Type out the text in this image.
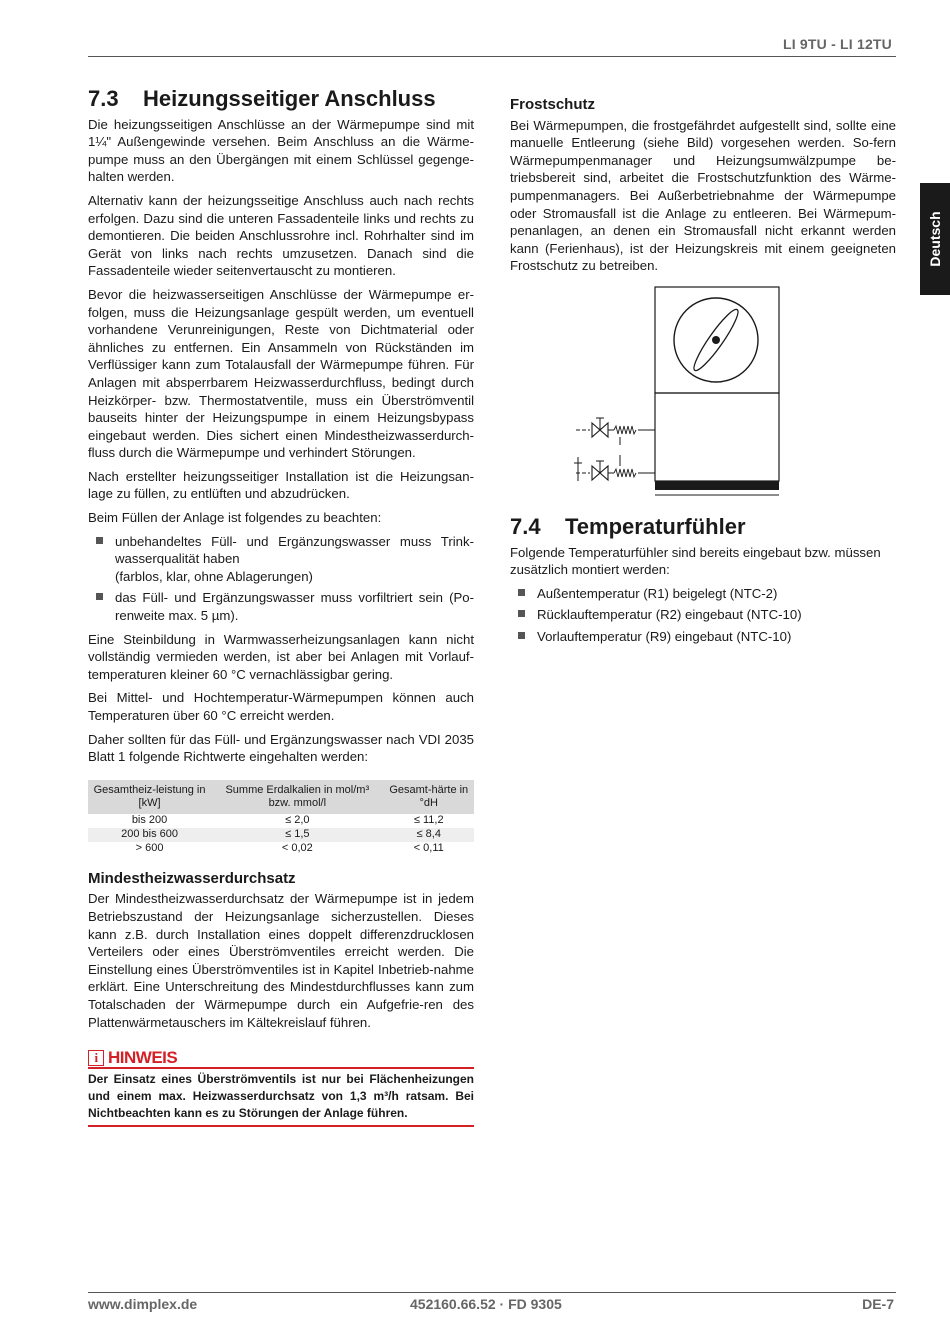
LI 9TU - LI 12TU
Deutsch
7.3 Heizungsseitiger Anschluss

Die heizungsseitigen Anschlüsse an der Wärmepumpe sind mit 1¼" Außengewinde versehen. Beim Anschluss an die Wärme-pumpe muss an den Übergängen mit einem Schlüssel gegenge-halten werden.

Alternativ kann der heizungsseitige Anschluss auch nach rechts erfolgen. Dazu sind die unteren Fassadenteile links und rechts zu demontieren. Die beiden Anschlussrohre incl. Rohrhalter sind im Gerät von links nach rechts umzusetzen. Danach sind die Fassadenteile wieder seitenvertauscht zu montieren.

Bevor die heizwasserseitigen Anschlüsse der Wärmepumpe er-folgen, muss die Heizungsanlage gespült werden, um eventuell vorhandene Verunreinigungen, Reste von Dichtmaterial oder ähnliches zu entfernen. Ein Ansammeln von Rückständen im Verflüssiger kann zum Totalausfall der Wärmepumpe führen. Für Anlagen mit absperrbarem Heizwasserdurchfluss, bedingt durch Heizkörper- bzw. Thermostatventile, muss ein Überströmventil bauseits hinter der Heizungspumpe in einem Heizungsbypass eingebaut werden. Dies sichert einen Mindestheizwasserdurch-fluss durch die Wärmepumpe und verhindert Störungen.

Nach erstellter heizungsseitiger Installation ist die Heizungsan-lage zu füllen, zu entlüften und abzudrücken.

Beim Füllen der Anlage ist folgendes zu beachten:

unbehandeltes Füll- und Ergänzungswasser muss Trink-wasserqualität haben
(farblos, klar, ohne Ablagerungen)
das Füll- und Ergänzungswasser muss vorfiltriert sein (Po-renweite max. 5 µm).

Eine Steinbildung in Warmwasserheizungsanlagen kann nicht vollständig vermieden werden, ist aber bei Anlagen mit Vorlauf-temperaturen kleiner 60 °C vernachlässigbar gering.

Bei Mittel- und Hochtemperatur-Wärmepumpen können auch Temperaturen über 60 °C erreicht werden.

Daher sollten für das Füll- und Ergänzungswasser nach VDI 2035 Blatt 1 folgende Richtwerte eingehalten werden:

Gesamtheiz-leistung in [kW]	Summe Erdalkalien in mol/m³ bzw. mmol/l	Gesamt-härte in °dH
bis 200	≤ 2,0	≤ 11,2
200 bis 600	≤ 1,5	≤ 8,4
> 600	< 0,02	< 0,11
Mindestheizwasserdurchsatz

Der Mindestheizwasserdurchsatz der Wärmepumpe ist in jedem Betriebszustand der Heizungsanlage sicherzustellen. Dieses kann z.B. durch Installation eines doppelt differenzdrucklosen Verteilers oder eines Überströmventiles erreicht werden. Die Einstellung eines Überströmventiles ist in Kapitel Inbetrieb-nahme erklärt. Eine Unterschreitung des Mindestdurchflusses kann zum Totalschaden der Wärmepumpe durch ein Aufgefrie-ren des Plattenwärmetauschers im Kältekreislauf führen.

i HINWEIS
Der Einsatz eines Überströmventils ist nur bei Flächenheizungen und einem max. Heizwasserdurchsatz von 1,3 m³/h ratsam. Bei Nichtbeachten kann es zu Störungen der Anlage führen.
Frostschutz

Bei Wärmepumpen, die frostgefährdet aufgestellt sind, sollte eine manuelle Entleerung (siehe Bild) vorgesehen werden. So-fern Wärmepumpenmanager und Heizungsumwälzpumpe be-triebsbereit sind, arbeitet die Frostschutzfunktion des Wärme-pumpenmanagers. Bei Außerbetriebnahme der Wärmepumpe oder Stromausfall ist die Anlage zu entleeren. Bei Wärmepum-penanlagen, an denen ein Stromausfall nicht erkannt werden kann (Ferienhaus), ist der Heizungskreis mit einem geeigneten Frostschutz zu betreiben.

7.4 Temperaturfühler

Folgende Temperaturfühler sind bereits eingebaut bzw. müssen zusätzlich montiert werden:

Außentemperatur (R1) beigelegt (NTC-2)
Rücklauftemperatur (R2) eingebaut (NTC-10)
Vorlauftemperatur (R9) eingebaut (NTC-10)
www.dimplex.de	452160.66.52 · FD 9305	DE-7
